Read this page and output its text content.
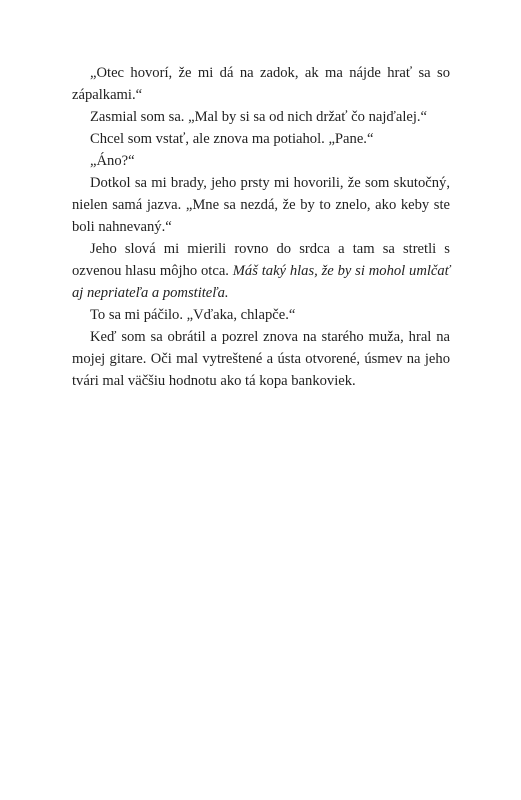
„Otec hovorí, že mi dá na zadok, ak ma nájde hrať sa so zápalkami.“

Zasmial som sa. „Mal by si sa od nich držať čo najďalej.“

Chcel som vstať, ale znova ma potiahol. „Pane.“

„Áno?“

Dotkol sa mi brady, jeho prsty mi hovorili, že som skutočný, nielen samá jazva. „Mne sa nezdá, že by to znelo, ako keby ste boli nahnevaný.“

Jeho slová mi mierili rovno do srdca a tam sa stretli s ozvenou hlasu môjho otca. Máš taký hlas, že by si mohol umlčať aj nepriateľa a pomstiteľa.

To sa mi páčilo. „Vďaka, chlapče.“

Keď som sa obrátil a pozrel znova na starého muža, hral na mojej gitare. Oči mal vytreštené a ústa otvorené, úsmev na jeho tvári mal väčšiu hodnotu ako tá kopa bankoviek.
